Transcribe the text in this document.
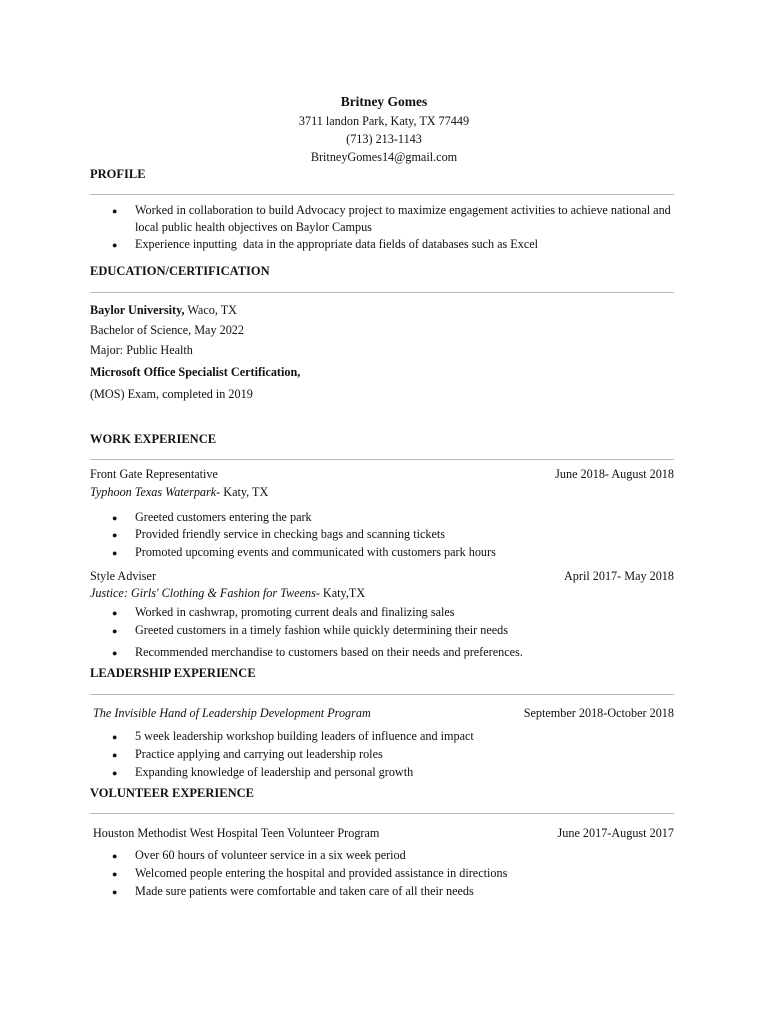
Britney Gomes
3711 landon Park, Katy, TX 77449
(713) 213-1143
BritneyGomes14@gmail.com
PROFILE
● Worked in collaboration to build Advocacy project to maximize engagement activities to achieve national and local public health objectives on Baylor Campus
● Experience inputting  data in the appropriate data fields of databases such as Excel
EDUCATION/CERTIFICATION
Baylor University, Waco, TX
Bachelor of Science, May 2022
Major: Public Health
Microsoft Office Specialist Certification,
(MOS) Exam, completed in 2019
WORK EXPERIENCE
Front Gate Representative	June 2018- August 2018
Typhoon Texas Waterpark- Katy, TX
● Greeted customers entering the park
● Provided friendly service in checking bags and scanning tickets
● Promoted upcoming events and communicated with customers park hours
Style Adviser	April 2017- May 2018
Justice: Girls' Clothing & Fashion for Tweens- Katy,TX
● Worked in cashwrap, promoting current deals and finalizing sales
● Greeted customers in a timely fashion while quickly determining their needs
● Recommended merchandise to customers based on their needs and preferences.
LEADERSHIP EXPERIENCE
The Invisible Hand of Leadership Development Program	September 2018-October 2018
● 5 week leadership workshop building leaders of influence and impact
● Practice applying and carrying out leadership roles
● Expanding knowledge of leadership and personal growth
VOLUNTEER EXPERIENCE
Houston Methodist West Hospital Teen Volunteer Program	June 2017-August 2017
● Over 60 hours of volunteer service in a six week period
● Welcomed people entering the hospital and provided assistance in directions
● Made sure patients were comfortable and taken care of all their needs
